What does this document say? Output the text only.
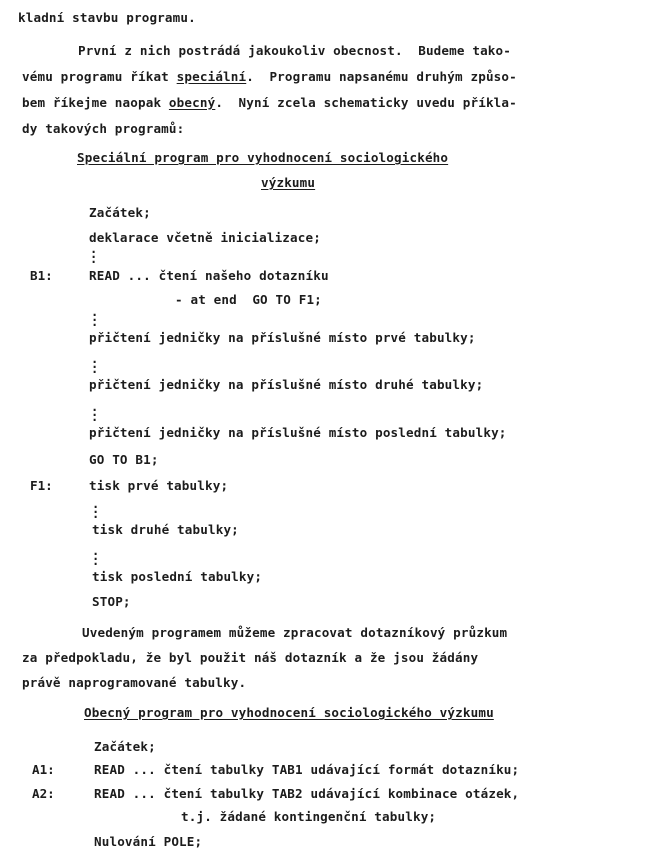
kladní stavbu programu.
První z nich postrádá jakoukoliv obecnost.  Budeme tako-
vému programu říkat speciální.  Programu napsanému druhým způso-
bem říkejme naopak obecný.  Nyní zcela schematicky uvedu příkla-
dy takových programů:
Speciální program pro vyhodnocení sociologického
výzkumu
Začátek;
deklarace včetně inicializace;
.
.
.
B1:	READ ... čtení našeho dotazníku
- at end  GO TO F1;
.
.
.
přičtení jedničky na příslušné místo prvé tabulky;
.
.
.
přičtení jedničky na příslušné místo druhé tabulky;
.
.
.
přičtení jedničky na příslušné místo poslední tabulky;
GO TO B1;
F1:	tisk prvé tabulky;
.
.
.
tisk druhé tabulky;
.
.
.
tisk poslední tabulky;
STOP;
Uvedeným programem můžeme zpracovat dotazníkový průzkum
za předpokladu, že byl použit náš dotazník a že jsou žádány
právě naprogramované tabulky.
Obecný program pro vyhodnocení sociologického výzkumu
Začátek;
A1:	READ ... čtení tabulky TAB1 udávající formát dotazníku;
A2:	READ ... čtení tabulky TAB2 udávající kombinace otázek,
t.j. žádané kontingenční tabulky;
Nulování POLE;
